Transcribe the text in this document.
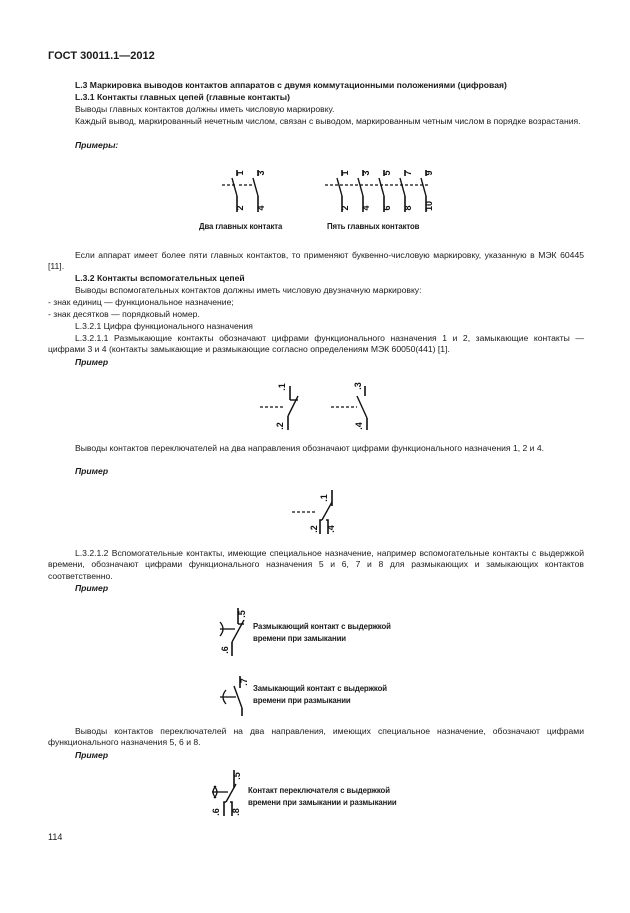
ГОСТ 30011.1—2012

L.3 Маркировка выводов контактов аппаратов с двумя коммутационными положениями (цифровая)

L.3.1 Контакты главных цепей (главные контакты)

Выводы главных контактов должны иметь числовую маркировку.

Каждый вывод, маркированный нечетным числом, связан с выводом, маркированным четным числом в порядке возрастания.

Примеры:

1 3
2 4
Два главных контакта
1 3 5 7 9
2 4 6 8 10
Пять главных контактов

Если аппарат имеет более пяти главных контактов, то применяют буквенно-числовую маркировку, указанную в МЭК 60445 [11].

L.3.2 Контакты вспомогательных цепей

Выводы вспомогательных контактов должны иметь числовую двузначную маркировку:

- знак единиц — функциональное назначение;

- знак десятков — порядковый номер.

L.3.2.1 Цифра функционального назначения

L.3.2.1.1 Размыкающие контакты обозначают цифрами функционального назначения 1 и 2, замыкающие контакты — цифрами 3 и 4 (контакты замыкающие и размыкающие согласно определениям МЭК 60050(441) [1].

Пример

.1
.2
.3
.4

Выводы контактов переключателей на два направления обозначают цифрами функционального назначения 1, 2 и 4.

Пример

.1
.2 .4

L.3.2.1.2 Вспомогательные контакты, имеющие специальное назначение, например вспомогательные контакты с выдержкой времени, обозначают цифрами функционального назначения 5 и 6, 7 и 8 для размыкающих и замыкающих контактов соответственно.

Пример

.5
.6
Размыкающий контакт с выдержкой
времени при замыкании
.7
Замыкающий контакт с выдержкой
времени при размыкании

Выводы контактов переключателей на два направления, имеющих специальное назначение, обозначают цифрами функционального назначения 5, 6 и 8.

Пример

.5
.6 .8
Контакт переключателя с выдержкой
времени при замыкании и размыкании
114
